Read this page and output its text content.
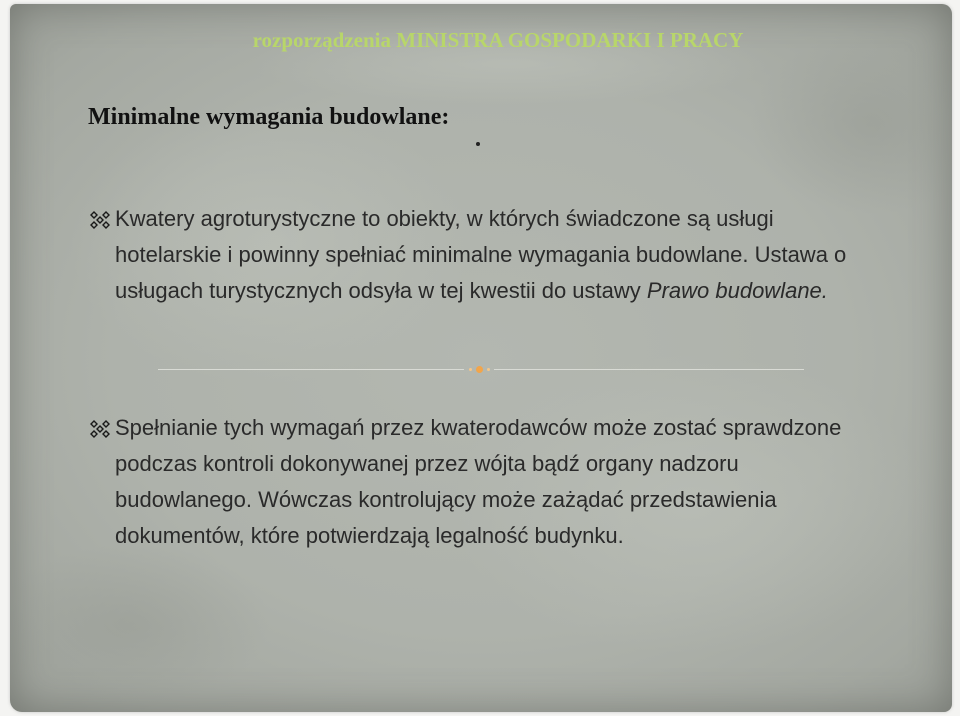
rozporządzenia MINISTRA GOSPODARKI I PRACY
Minimalne wymagania budowlane:

Kwatery agroturystyczne to obiekty, w których świadczone są usługi hotelarskie i powinny spełniać minimalne wymagania budowlane. Ustawa o usługach turystycznych odsyła w tej kwestii do ustawy Prawo budowlane.

Spełnianie tych wymagań przez kwaterodawców może zostać sprawdzone podczas kontroli dokonywanej przez wójta bądź organy nadzoru budowlanego. Wówczas kontrolujący może zażądać przedstawienia dokumentów, które potwierdzają legalność budynku.
